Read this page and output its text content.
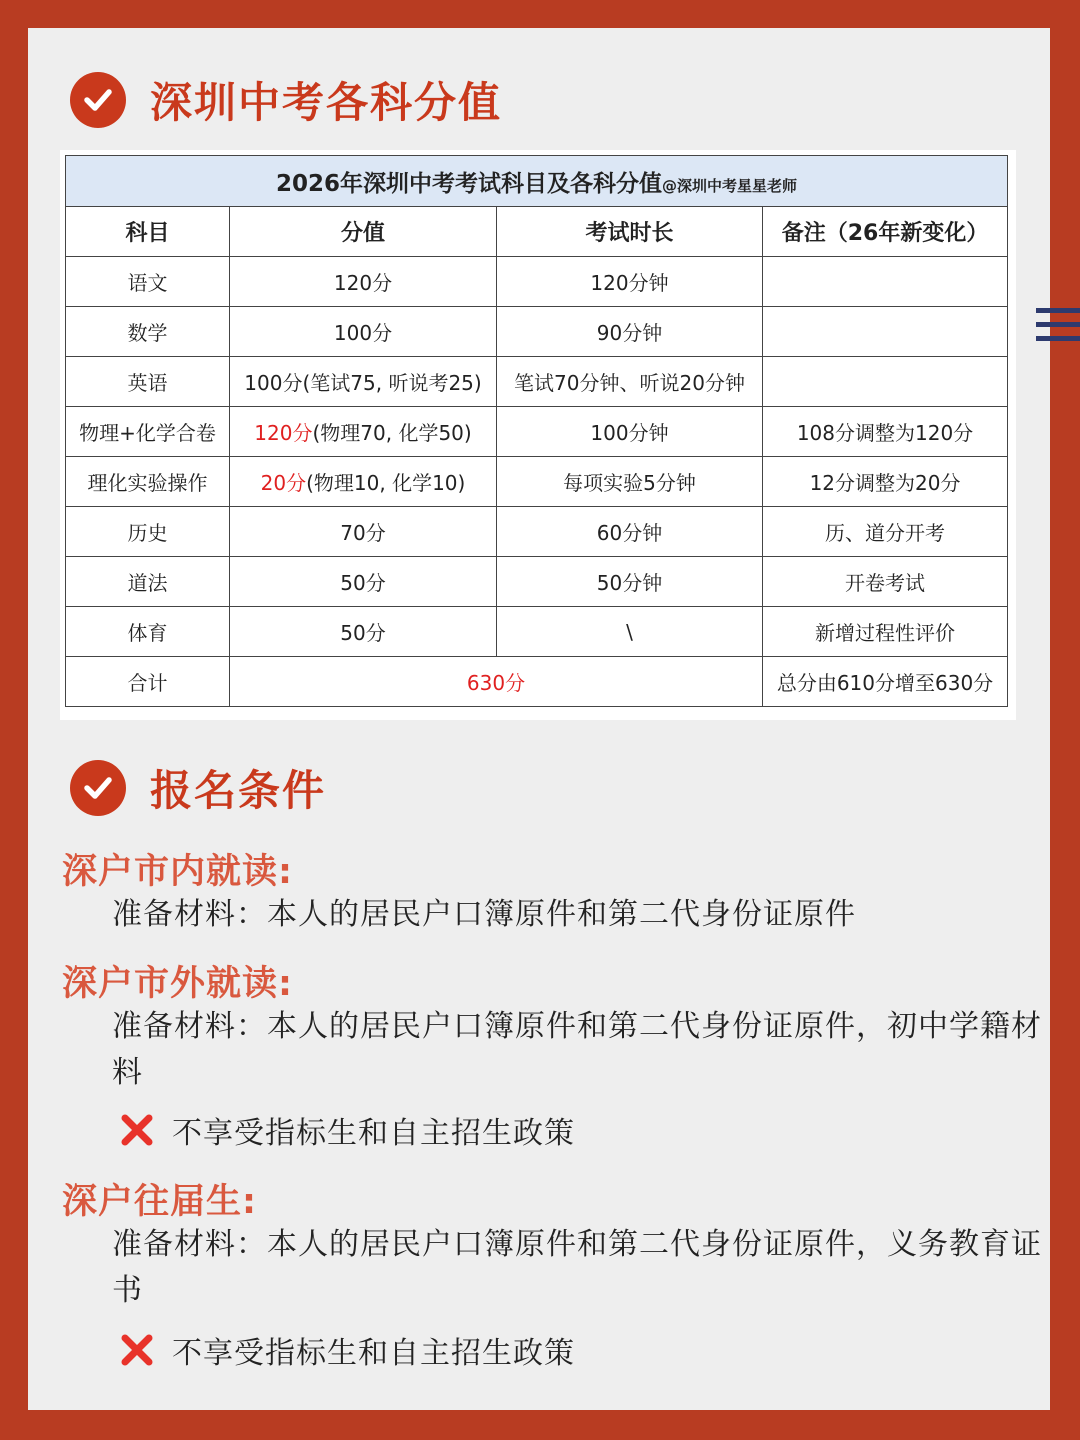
深圳中考各科分值
2026年深圳中考考试科目及各科分值@深圳中考星星老师			
科目	分值	考试时长	备注（26年新变化）
语文	120分	120分钟	
数学	100分	90分钟	
英语	100分(笔试75, 听说考25)	笔试70分钟、听说20分钟	
物理+化学合卷	120分(物理70, 化学50)	100分钟	108分调整为120分
理化实验操作	20分(物理10, 化学10)	每项实验5分钟	12分调整为20分
历史	70分	60分钟	历、道分开考
道法	50分	50分钟	开卷考试
体育	50分	\	新增过程性评价
合计	630分		总分由610分增至630分
报名条件
深户市内就读:
准备材料：本人的居民户口簿原件和第二代身份证原件
深户市外就读:
准备材料：本人的居民户口簿原件和第二代身份证原件，初中学籍材料
不享受指标生和自主招生政策
深户往届生:
准备材料：本人的居民户口簿原件和第二代身份证原件，义务教育证书
不享受指标生和自主招生政策
